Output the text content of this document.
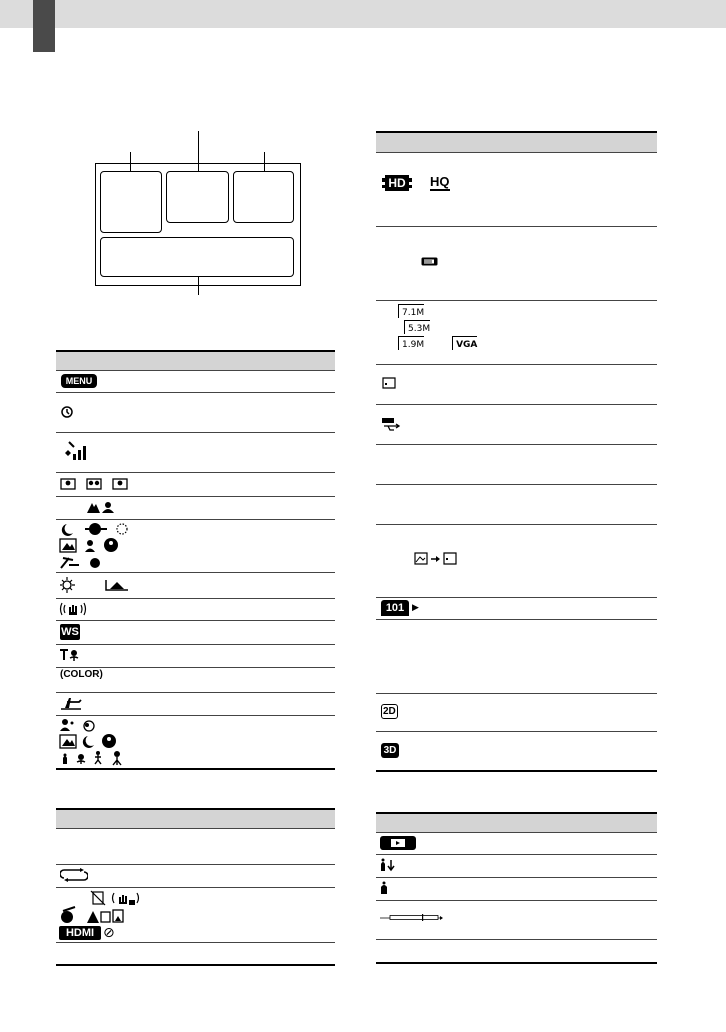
MENU
WS
(COLOR)
HDMI ⊘
HD	HQ
7.1M
5.3M
1.9M	VGA
101 ▶
2D
3D
